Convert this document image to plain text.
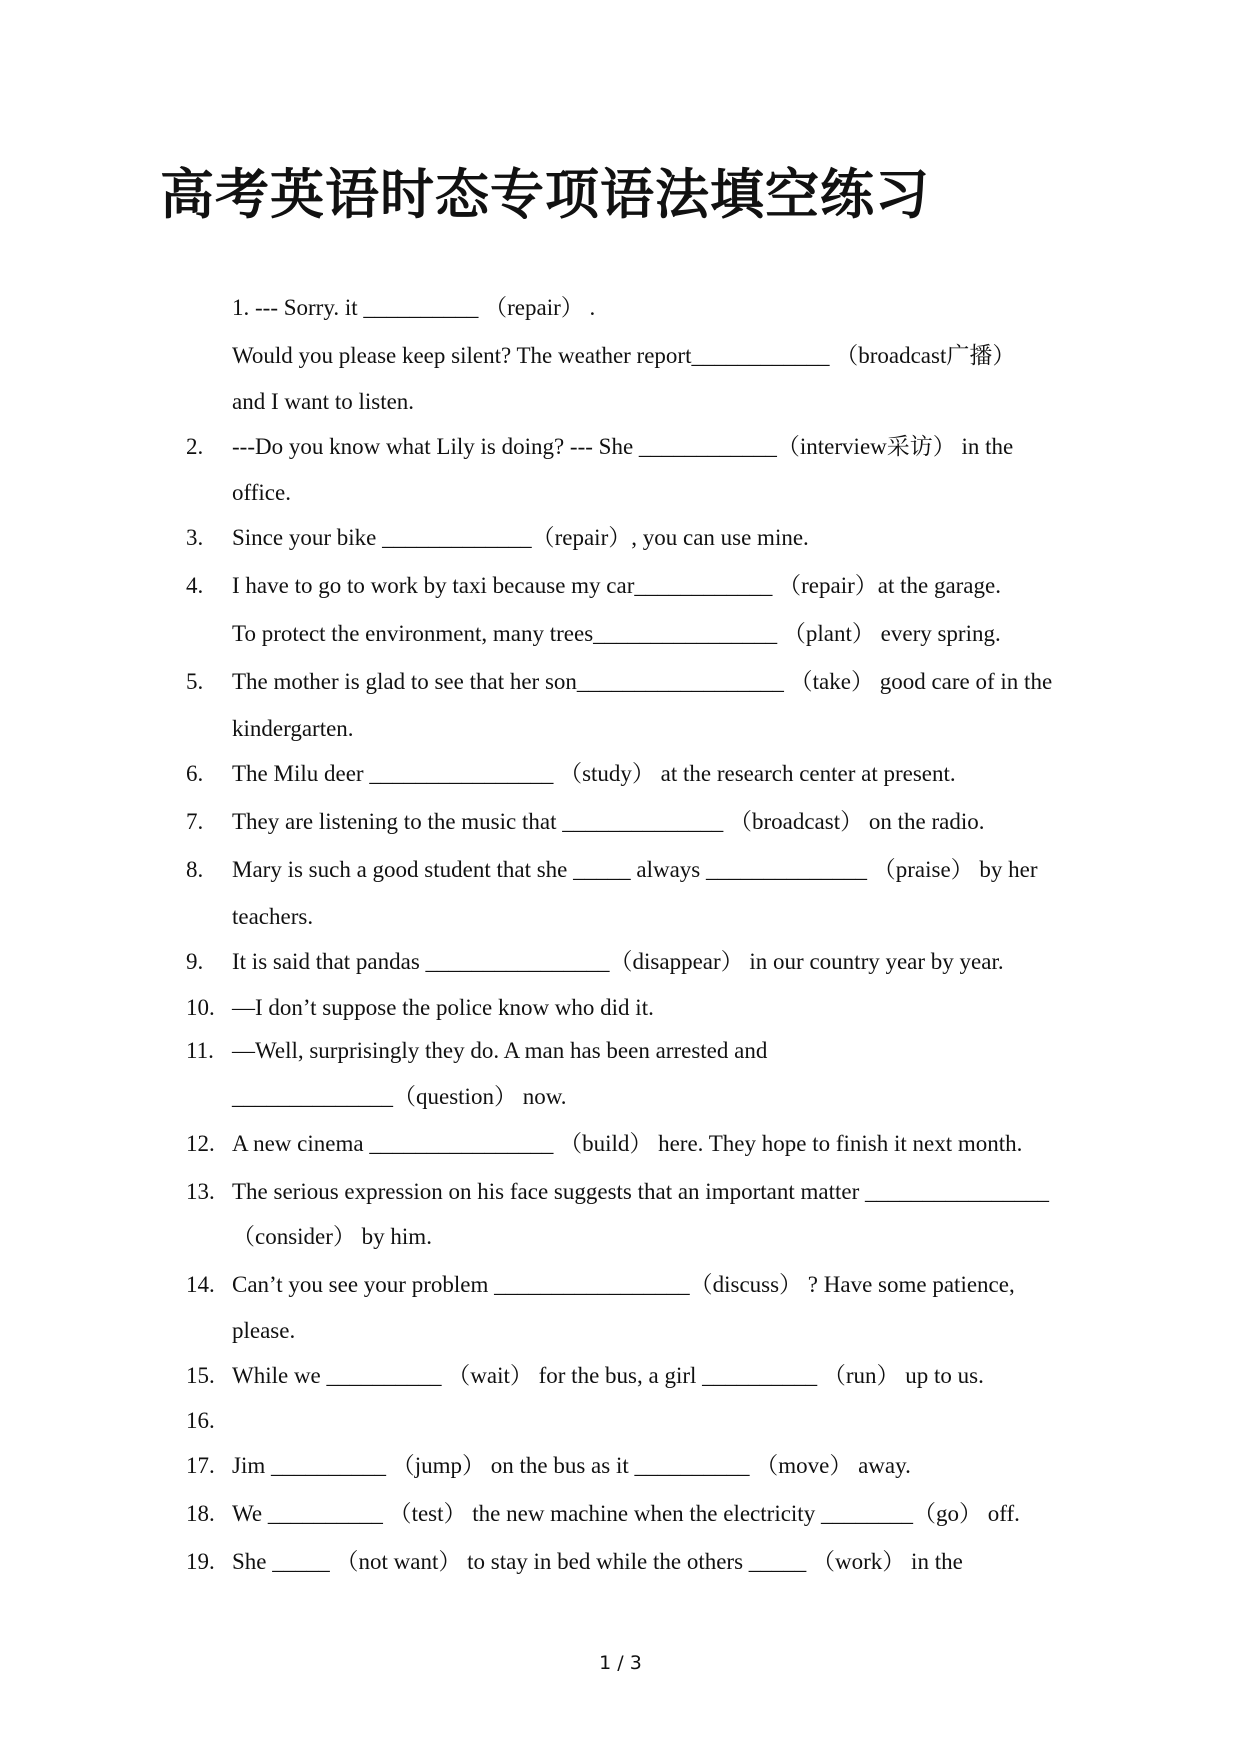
高考英语时态专项语法填空练习
1. --- Sorry. it __________ （repair） .
Would you please keep silent? The weather report____________ （broadcast广播）
and I want to listen.
2. ---Do you know what Lily is doing? --- She ____________（interview采访） in the
office.
3. Since your bike _____________（repair）, you can use mine.
4. I have to go to work by taxi because my car____________ （repair）at the garage.
To protect the environment, many trees________________ （plant） every spring.
5. The mother is glad to see that her son__________________ （take） good care of in the
kindergarten.
6. The Milu deer ________________ （study） at the research center at present.
7. They are listening to the music that ______________ （broadcast） on the radio.
8. Mary is such a good student that she _____ always ______________ （praise） by her
teachers.
9. It is said that pandas ________________（disappear） in our country year by year.
10. —I don’t suppose the police know who did it.
11. —Well, surprisingly they do. A man has been arrested and
______________（question） now.
12. A new cinema ________________ （build） here. They hope to finish it next month.
13. The serious expression on his face suggests that an important matter ________________
（consider） by him.
14. Can’t you see your problem _________________（discuss） ? Have some patience,
please.
15. While we __________ （wait） for the bus, a girl __________ （run） up to us.
16.
17. Jim __________ （jump） on the bus as it __________ （move） away.
18. We __________ （test） the new machine when the electricity ________（go） off.
19. She _____ （not want） to stay in bed while the others _____ （work） in the
1 / 3
